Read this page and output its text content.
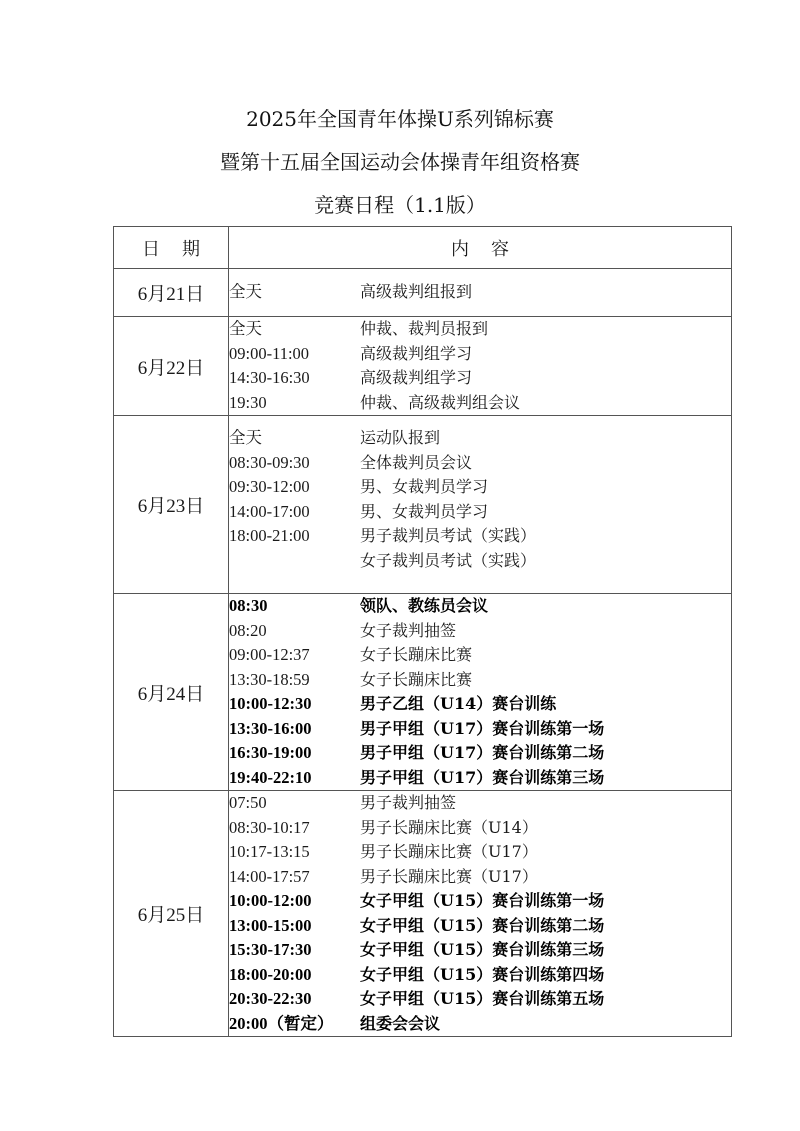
2025年全国青年体操U系列锦标赛
暨第十五届全国运动会体操青年组资格赛
竞赛日程（1.1版）
日 期	内 容
6月21日	全天 高级裁判组报到

6月22日	
全天	仲裁、裁判员报到
09:00-11:00	高级裁判组学习
14:30-16:30	高级裁判组学习
19:30	仲裁、高级裁判组会议

6月23日	
全天	运动队报到
08:30-09:30	全体裁判员会议
09:30-12:00	男、女裁判员学习
14:00-17:00	男、女裁判员学习
18:00-21:00	男子裁判员考试（实践）
女子裁判员考试（实践）

6月24日	
08:30	领队、教练员会议
08:20	女子裁判抽签
09:00-12:37	女子长蹦床比赛
13:30-18:59	女子长蹦床比赛
10:00-12:30	男子乙组（U14）赛台训练
13:30-16:00	男子甲组（U17）赛台训练第一场
16:30-19:00	男子甲组（U17）赛台训练第二场
19:40-22:10	男子甲组（U17）赛台训练第三场

6月25日	
07:50	男子裁判抽签
08:30-10:17	男子长蹦床比赛（U14）
10:17-13:15	男子长蹦床比赛（U17）
14:00-17:57	男子长蹦床比赛（U17）
10:00-12:00	女子甲组（U15）赛台训练第一场
13:00-15:00	女子甲组（U15）赛台训练第二场
15:30-17:30	女子甲组（U15）赛台训练第三场
18:00-20:00	女子甲组（U15）赛台训练第四场
20:30-22:30	女子甲组（U15）赛台训练第五场
20:00（暂定）	组委会会议
